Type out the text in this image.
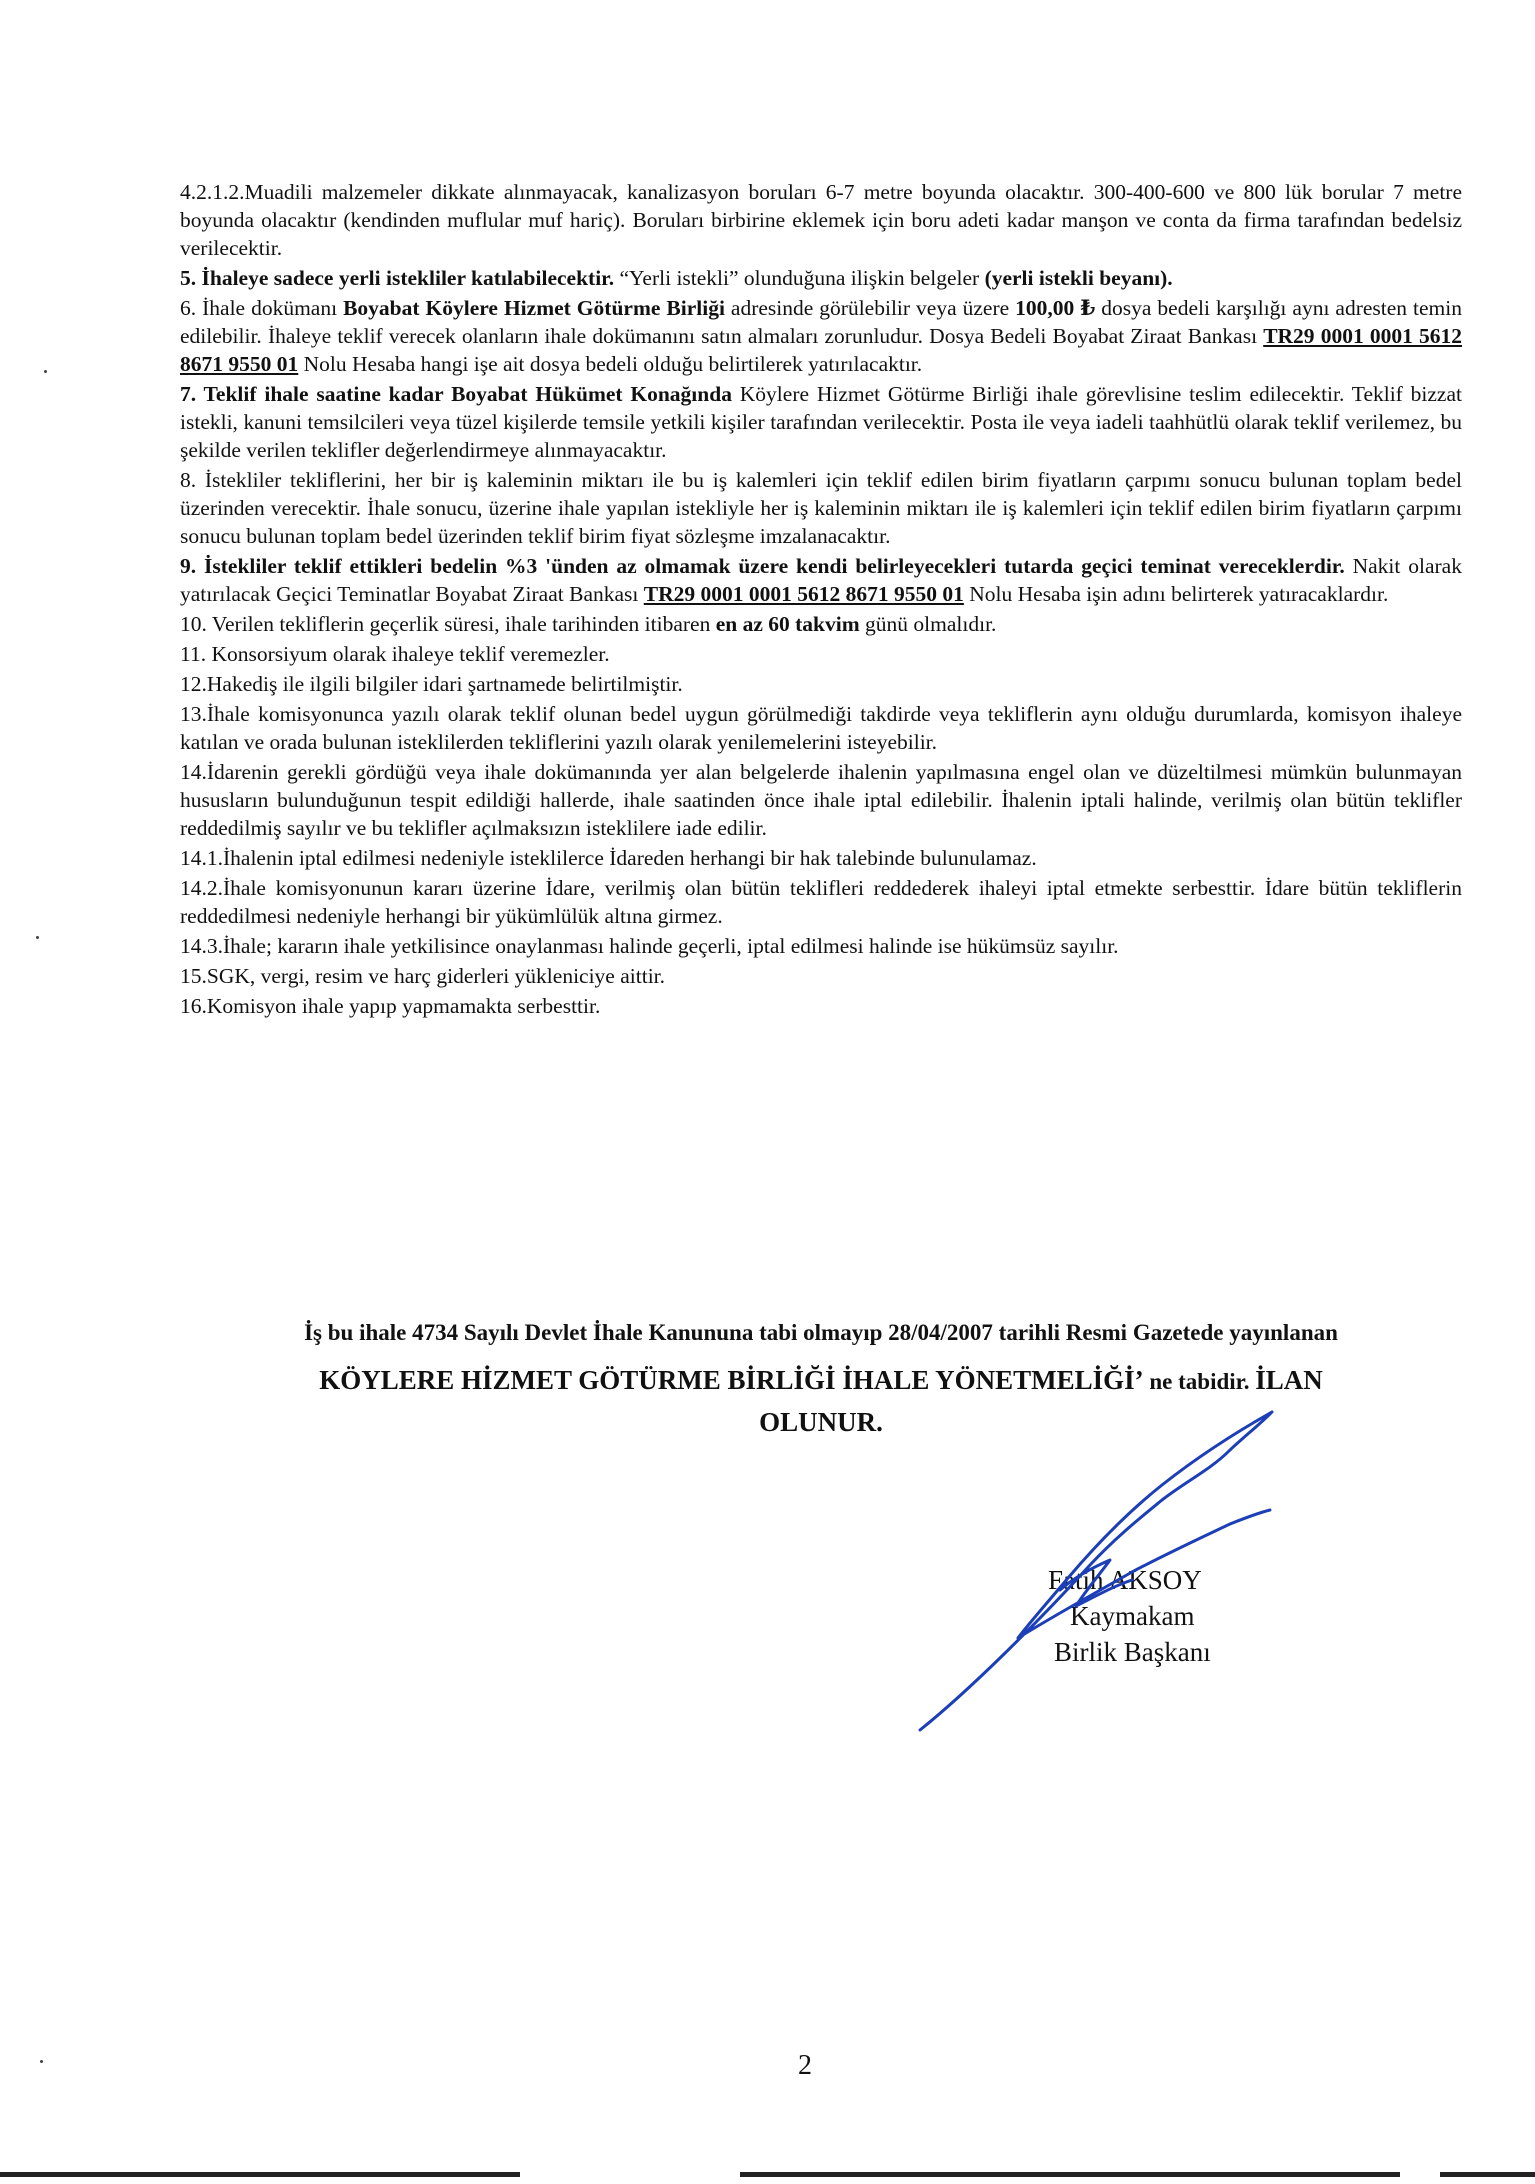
4.2.1.2.Muadili malzemeler dikkate alınmayacak, kanalizasyon boruları 6-7 metre boyunda olacaktır. 300-400-600 ve 800 lük borular 7 metre boyunda olacaktır (kendinden muflular muf hariç). Boruları birbirine eklemek için boru adeti kadar manşon ve conta da firma tarafından bedelsiz verilecektir.

5. İhaleye sadece yerli istekliler katılabilecektir. “Yerli istekli” olunduğuna ilişkin belgeler (yerli istekli beyanı).

6. İhale dokümanı Boyabat Köylere Hizmet Götürme Birliği adresinde görülebilir veya üzere 100,00 ₺ dosya bedeli karşılığı aynı adresten temin edilebilir. İhaleye teklif verecek olanların ihale dokümanını satın almaları zorunludur. Dosya Bedeli Boyabat Ziraat Bankası TR29 0001 0001 5612 8671 9550 01 Nolu Hesaba hangi işe ait dosya bedeli olduğu belirtilerek yatırılacaktır.

7. Teklif ihale saatine kadar Boyabat Hükümet Konağında Köylere Hizmet Götürme Birliği ihale görevlisine teslim edilecektir. Teklif bizzat istekli, kanuni temsilcileri veya tüzel kişilerde temsile yetkili kişiler tarafından verilecektir. Posta ile veya iadeli taahhütlü olarak teklif verilemez, bu şekilde verilen teklifler değerlendirmeye alınmayacaktır.

8. İstekliler tekliflerini, her bir iş kaleminin miktarı ile bu iş kalemleri için teklif edilen birim fiyatların çarpımı sonucu bulunan toplam bedel üzerinden verecektir. İhale sonucu, üzerine ihale yapılan istekliyle her iş kaleminin miktarı ile iş kalemleri için teklif edilen birim fiyatların çarpımı sonucu bulunan toplam bedel üzerinden teklif birim fiyat sözleşme imzalanacaktır.

9. İstekliler teklif ettikleri bedelin %3 'ünden az olmamak üzere kendi belirleyecekleri tutarda geçici teminat vereceklerdir. Nakit olarak yatırılacak Geçici Teminatlar Boyabat Ziraat Bankası TR29 0001 0001 5612 8671 9550 01 Nolu Hesaba işin adını belirterek yatıracaklardır.

10. Verilen tekliflerin geçerlik süresi, ihale tarihinden itibaren en az 60 takvim günü olmalıdır.

11. Konsorsiyum olarak ihaleye teklif veremezler.

12.Hakediş ile ilgili bilgiler idari şartnamede belirtilmiştir.

13.İhale komisyonunca yazılı olarak teklif olunan bedel uygun görülmediği takdirde veya tekliflerin aynı olduğu durumlarda, komisyon ihaleye katılan ve orada bulunan isteklilerden tekliflerini yazılı olarak yenilemelerini isteyebilir.

14.İdarenin gerekli gördüğü veya ihale dokümanında yer alan belgelerde ihalenin yapılmasına engel olan ve düzeltilmesi mümkün bulunmayan hususların bulunduğunun tespit edildiği hallerde, ihale saatinden önce ihale iptal edilebilir. İhalenin iptali halinde, verilmiş olan bütün teklifler reddedilmiş sayılır ve bu teklifler açılmaksızın isteklilere iade edilir.

14.1.İhalenin iptal edilmesi nedeniyle isteklilerce İdareden herhangi bir hak talebinde bulunulamaz.

14.2.İhale komisyonunun kararı üzerine İdare, verilmiş olan bütün teklifleri reddederek ihaleyi iptal etmekte serbesttir. İdare bütün tekliflerin reddedilmesi nedeniyle herhangi bir yükümlülük altına girmez.

14.3.İhale; kararın ihale yetkilisince onaylanması halinde geçerli, iptal edilmesi halinde ise hükümsüz sayılır.

15.SGK, vergi, resim ve harç giderleri yükleniciye aittir.

16.Komisyon ihale yapıp yapmamakta serbesttir.

İş bu ihale 4734 Sayılı Devlet İhale Kanununa tabi olmayıp 28/04/2007 tarihli Resmi Gazetede yayınlanan
KÖYLERE HİZMET GÖTÜRME BİRLİĞİ İHALE YÖNETMELİĞİ’ ne tabidir. İLAN
OLUNUR.
Fatih AKSOY
Kaymakam
Birlik Başkanı
2
